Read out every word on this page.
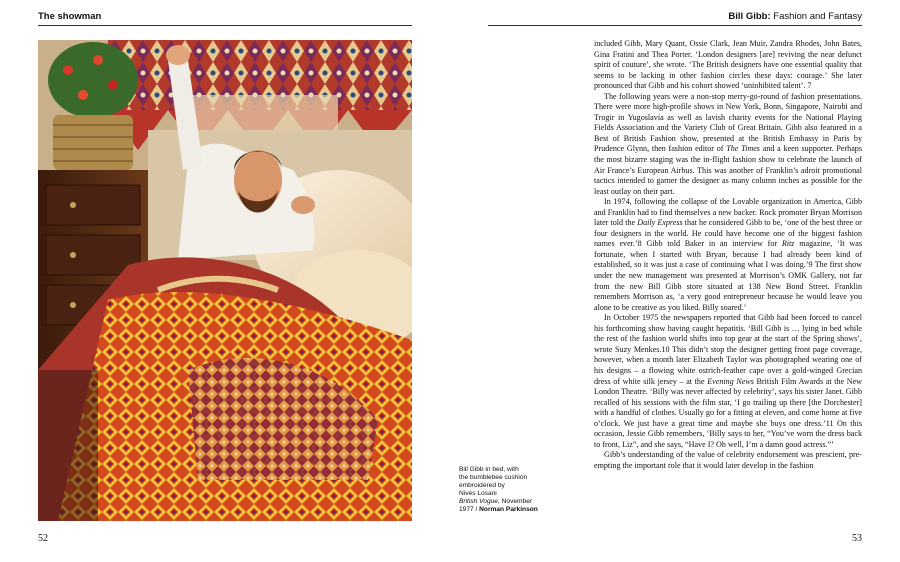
The showman
52
Bill Gibb in bed, with
the bumblebee cushion
embroidered by
Nives Losani
British Vogue, November
1977 / Norman Parkinson
Bill Gibb: Fashion and Fantasy
53

included Gibb, Mary Quant, Ossie Clark, Jean Muir, Zandra Rhodes, John Bates, Gina Fratini and Thea Porter. ‘London designers [are] reviving the near defunct spirit of couture’, she wrote. ‘The British designers have one essential quality that seems to be lacking in other fashion circles these days: courage.’ She later pronounced that Gibb and his cohort showed ‘uninhibited talent’. 7

The following years were a non-stop merry-go-round of fashion presentations. There were more high-profile shows in New York, Bonn, Singapore, Nairobi and Trogir in Yugoslavia as well as lavish charity events for the National Playing Fields Association and the Variety Club of Great Britain. Gibb also featured in a Best of British Fashion show, presented at the British Embassy in Paris by Prudence Glynn, then fashion editor of The Times and a keen supporter. Perhaps the most bizarre staging was the in-flight fashion show to celebrate the launch of Air France’s European Airbus. This was another of Franklin’s adroit promotional tactics intended to garner the designer as many column inches as possible for the least outlay on their part.

In 1974, following the collapse of the Lovable organization in America, Gibb and Franklin had to find themselves a new backer. Rock promoter Bryan Morrison later told the Daily Express that he considered Gibb to be, ‘one of the best three or four designers in the world. He could have become one of the biggest fashion names ever.’8 Gibb told Baker in an interview for Ritz magazine, ‘It was fortunate, when I started with Bryan, because I had already been kind of established, so it was just a case of continuing what I was doing.’9 The first show under the new management was presented at Morrison’s OMK Gallery, not far from the new Bill Gibb store situated at 138 New Bond Street. Franklin remembers Morrison as, ‘a very good entrepreneur because he would leave you alone to be creative as you liked. Billy soared.’

In October 1975 the newspapers reported that Gibb had been forced to cancel his forthcoming show having caught hepatitis. ‘Bill Gibb is … lying in bed while the rest of the fashion world shifts into top gear at the start of the Spring shows’, wrote Suzy Menkes.10 This didn’t stop the designer getting front page coverage, however, when a month later Elizabeth Taylor was photographed wearing one of his designs – a flowing white ostrich-feather cape over a gold-winged Grecian dress of white silk jersey – at the Evening News British Film Awards at the New London Theatre. ‘Billy was never affected by celebrity’, says his sister Janet. Gibb recalled of his sessions with the film star, ‘I go trailing up there [the Dorchester] with a handful of clothes. Usually go for a fitting at eleven, and come home at five o’clock. We just have a great time and maybe she buys one dress.’11 On this occasion, Jessie Gibb remembers, ‘Billy says to her, “You’ve worn the dress back to front, Liz”, and she says, “Have I? Oh well, I’m a damn good actress.”’

Gibb’s understanding of the value of celebrity endorsement was prescient, pre-empting the important role that it would later develop in the fashion
